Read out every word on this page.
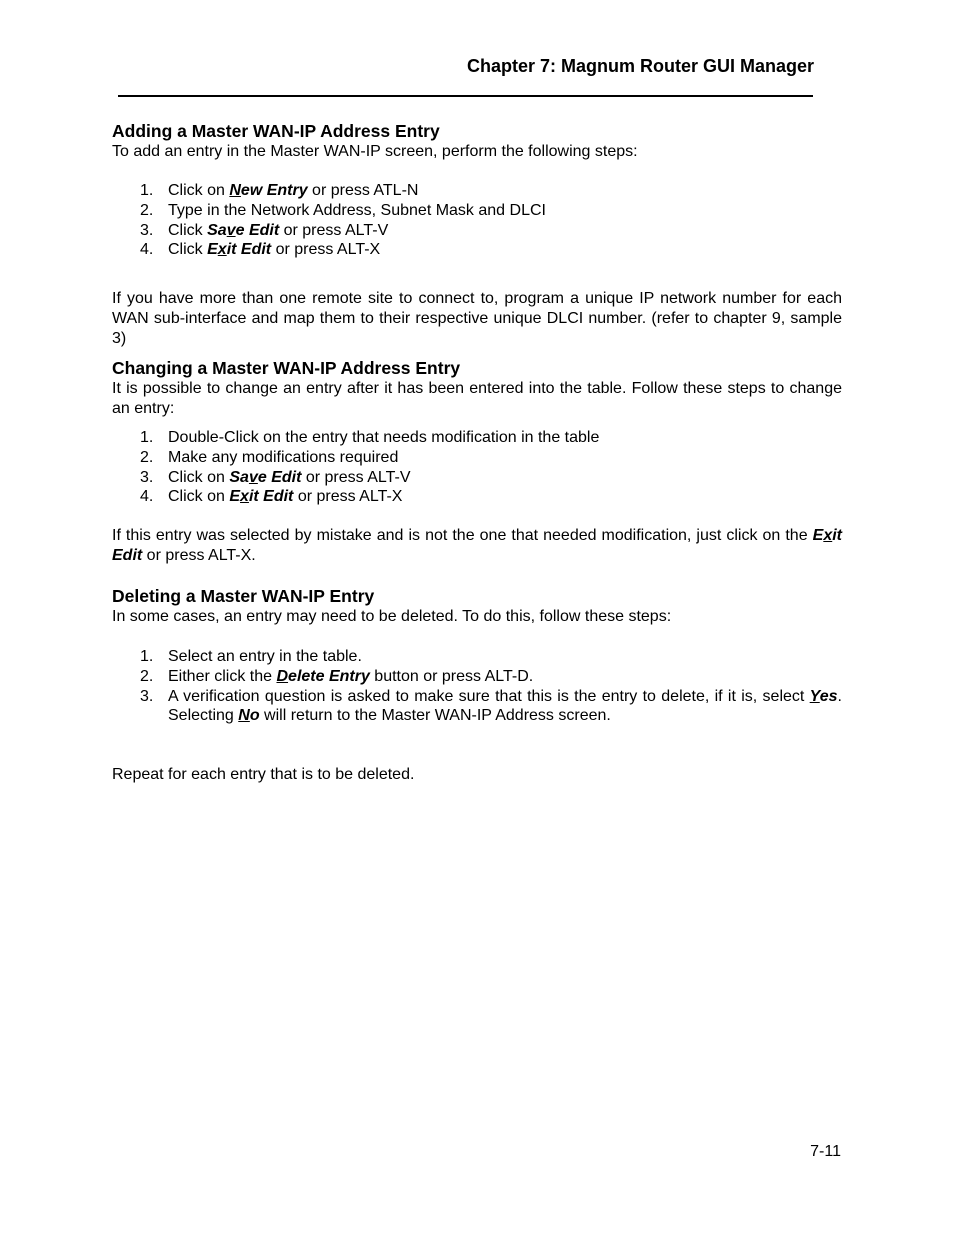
Chapter 7: Magnum Router GUI Manager
Adding a Master WAN-IP Address Entry

To add an entry in the Master WAN-IP screen, perform the following steps:

1. Click on New Entry or press ATL-N
2. Type in the Network Address, Subnet Mask and DLCI
3. Click Save Edit or press ALT-V
4. Click Exit Edit or press ALT-X

If you have more than one remote site to connect to, program a unique IP network number for each WAN sub-interface and map them to their respective unique DLCI number. (refer to chapter 9, sample 3)

Changing a Master WAN-IP Address Entry

It is possible to change an entry after it has been entered into the table. Follow these steps to change an entry:

1. Double-Click on the entry that needs modification in the table
2. Make any modifications required
3. Click on Save Edit or press ALT-V
4. Click on Exit Edit or press ALT-X

If this entry was selected by mistake and is not the one that needed modification, just click on the Exit Edit or press ALT-X.

Deleting a Master WAN-IP Entry

In some cases, an entry may need to be deleted. To do this, follow these steps:

1. Select an entry in the table.
2. Either click the Delete Entry button or press ALT-D.
3. A verification question is asked to make sure that this is the entry to delete, if it is, select Yes. Selecting No will return to the Master WAN-IP Address screen.

Repeat for each entry that is to be deleted.

7-11
